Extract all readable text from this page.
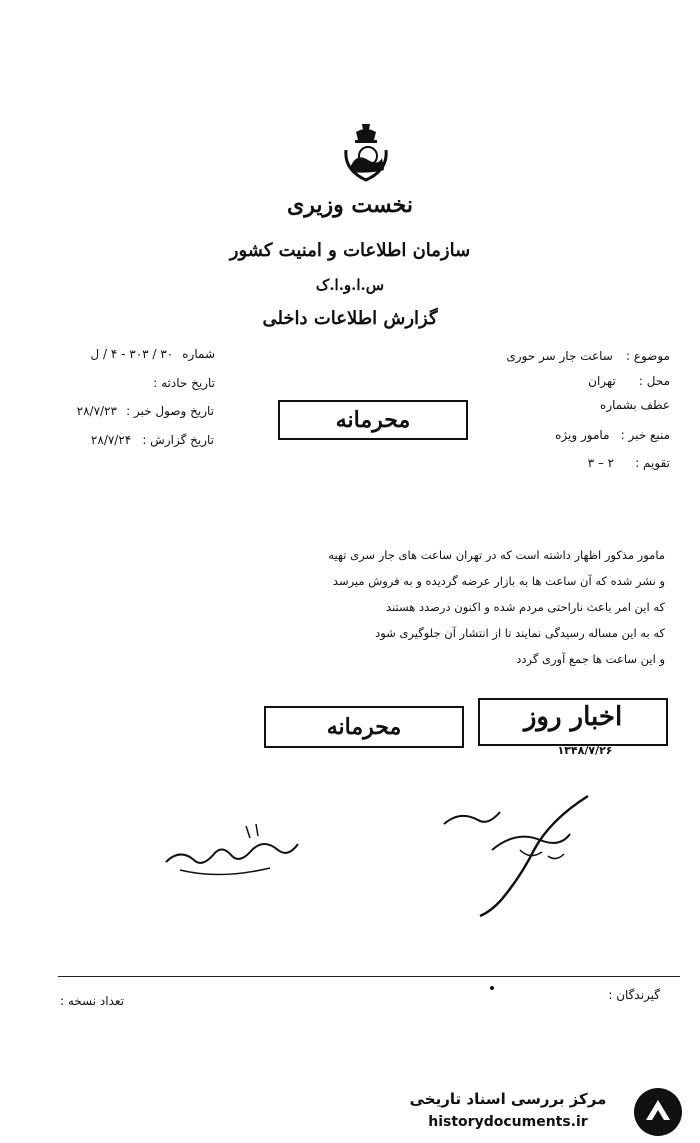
نخست وزیری
سازمان اطلاعات و امنیت کشور
س.ا.و.ا.ک
گزارش اطلاعات داخلی
موضوع : ساعت جار سر حوری
محل : تهران
عطف بشماره
منبع خبر : مامور ویژه
تقویم : ۲ – ۳
شماره ۳۰ / ۳۰۳ - ۴ / ل
تاریخ حادثه :
تاریخ وصول خبر : ۲۸/۷/۲۳
تاریخ گزارش : ۲۸/۷/۲۴
محرمانه
مامور مذکور اظهار داشته است که در تهران ساعت های جار سری تهیه
و نشر شده که آن ساعت ها به بازار عرضه گردیده و به فروش میرسد
که این امر باعث ناراحتی مردم شده و اکنون درصدد هستند
که به این مساله رسیدگی نمایند تا از انتشار آن جلوگیری شود
و این ساعت ها جمع آوری گردد
محرمانه	اخبار روز
۱۳۴۸/۷/۲۶
گیرندگان :
تعداد نسخه :
مرکز بررسی اسناد تاریخی
historydocuments.ir
